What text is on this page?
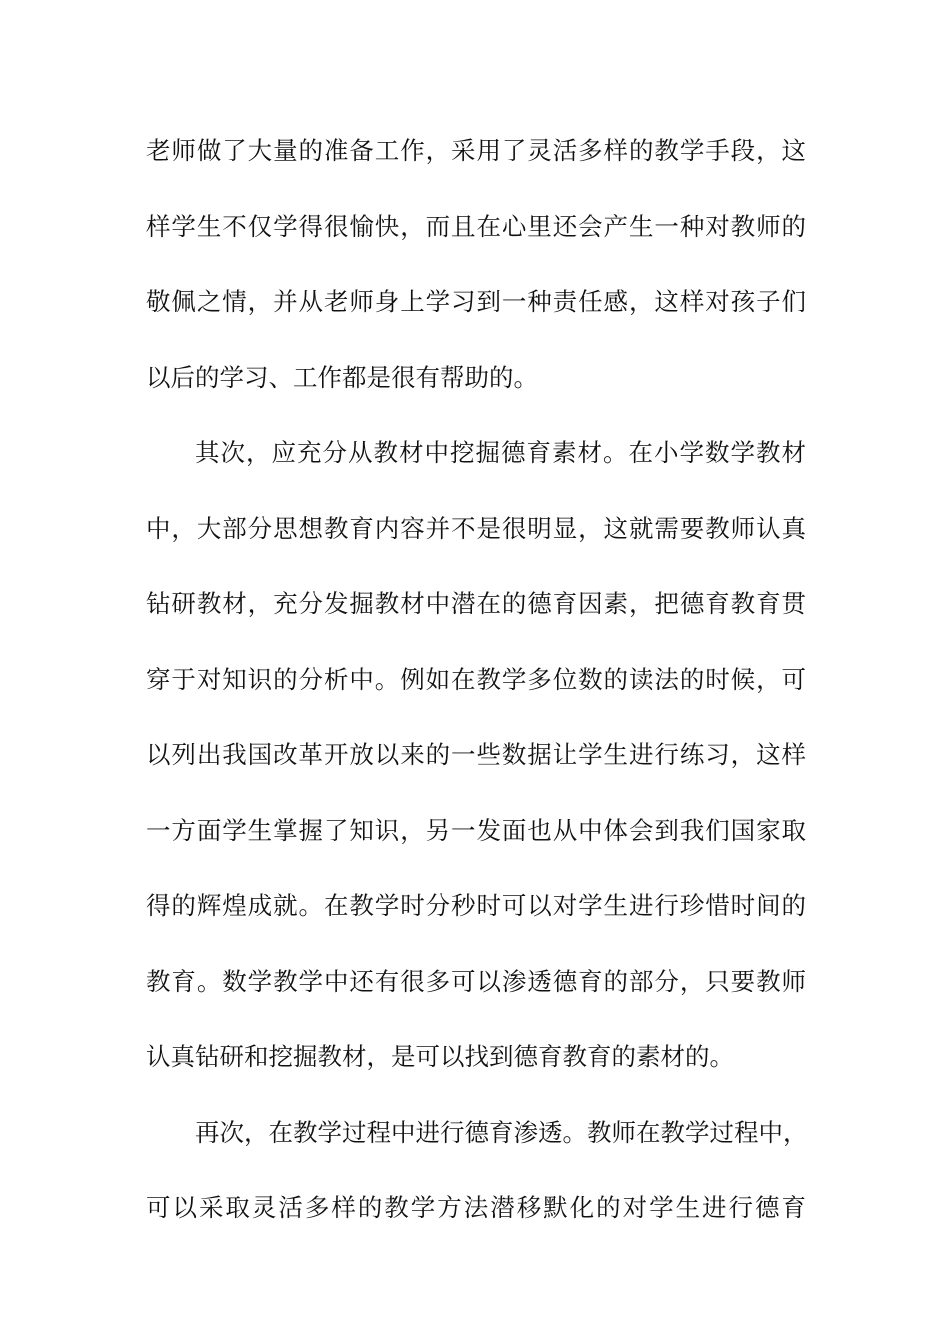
老师做了大量的准备工作，采用了灵活多样的教学手段，这
样学生不仅学得很愉快，而且在心里还会产生一种对教师的
敬佩之情，并从老师身上学习到一种责任感，这样对孩子们
以后的学习、工作都是很有帮助的。
其次，应充分从教材中挖掘德育素材。在小学数学教材
中，大部分思想教育内容并不是很明显，这就需要教师认真
钻研教材，充分发掘教材中潜在的德育因素，把德育教育贯
穿于对知识的分析中。例如在教学多位数的读法的时候，可
以列出我国改革开放以来的一些数据让学生进行练习，这样
一方面学生掌握了知识，另一发面也从中体会到我们国家取
得的辉煌成就。在教学时分秒时可以对学生进行珍惜时间的
教育。数学教学中还有很多可以渗透德育的部分，只要教师
认真钻研和挖掘教材，是可以找到德育教育的素材的。
再次，在教学过程中进行德育渗透。教师在教学过程中，
可以采取灵活多样的教学方法潜移默化的对学生进行德育
